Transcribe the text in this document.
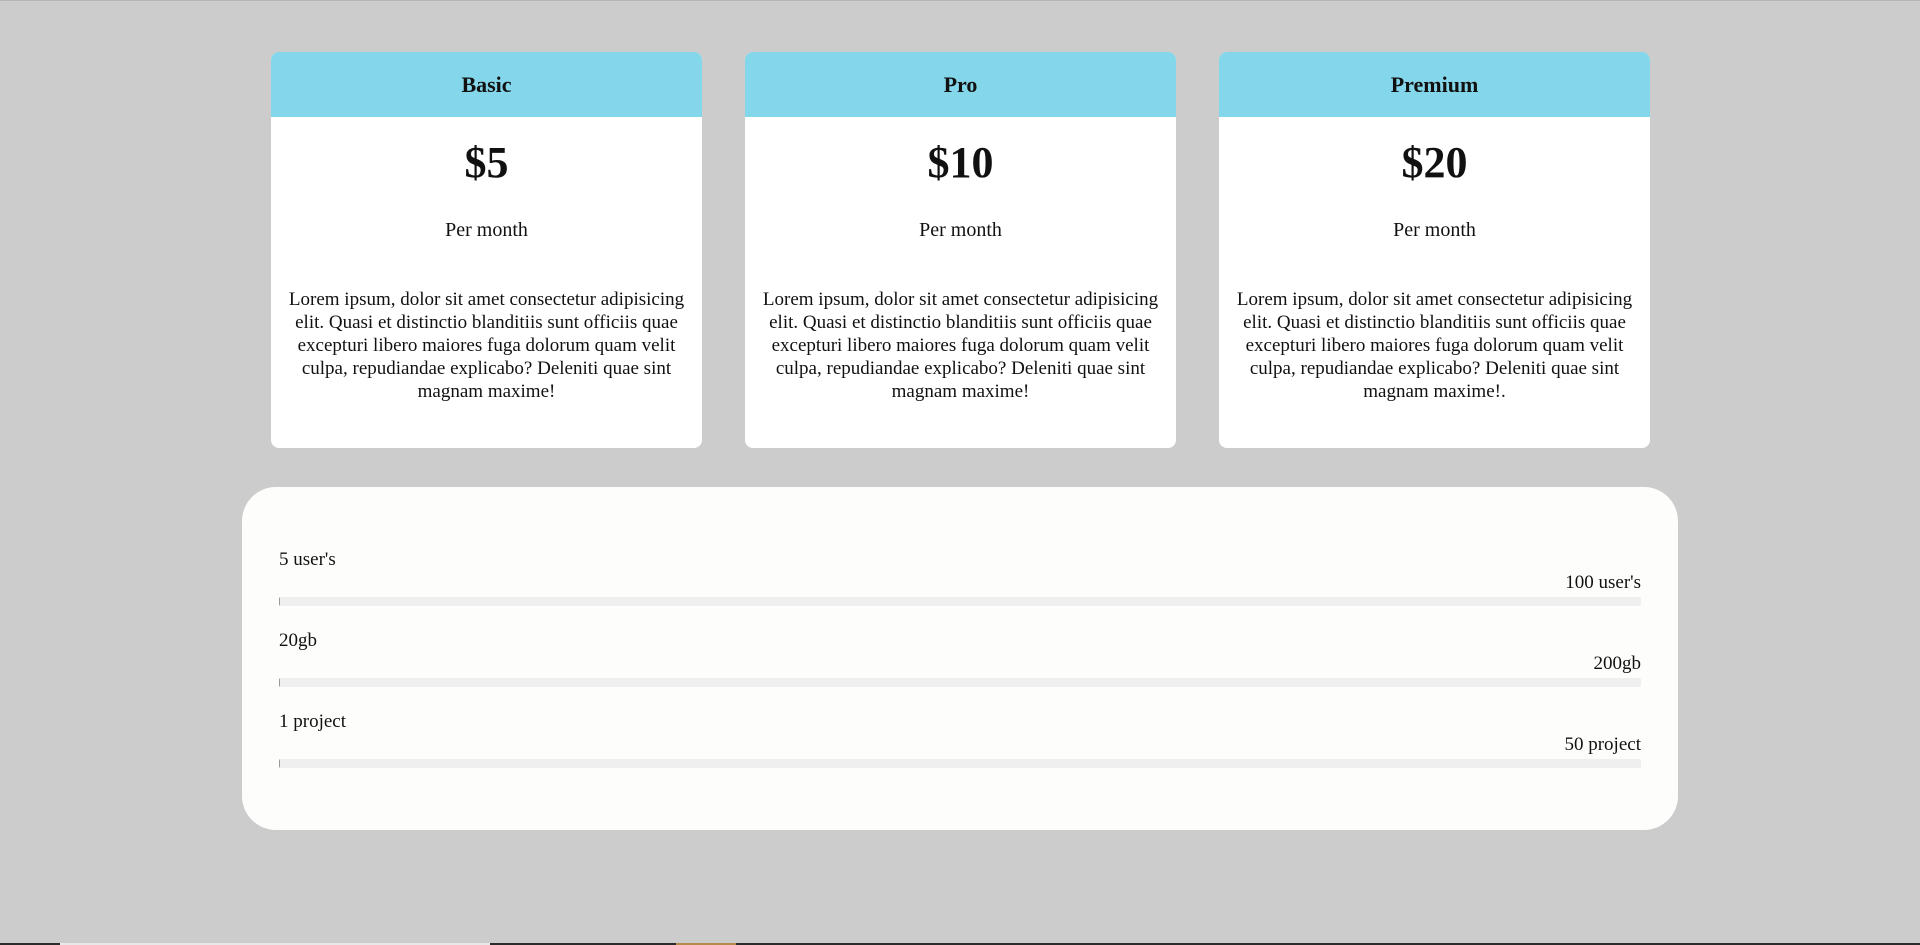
Basic
$5
Per month
Lorem ipsum, dolor sit amet consectetur adipisicing elit. Quasi et distinctio blanditiis sunt officiis quae excepturi libero maiores fuga dolorum quam velit culpa, repudiandae explicabo? Deleniti quae sint magnam maxime!
Pro
$10
Per month
Lorem ipsum, dolor sit amet consectetur adipisicing elit. Quasi et distinctio blanditiis sunt officiis quae excepturi libero maiores fuga dolorum quam velit culpa, repudiandae explicabo? Deleniti quae sint magnam maxime!
Premium
$20
Per month
Lorem ipsum, dolor sit amet consectetur adipisicing elit. Quasi et distinctio blanditiis sunt officiis quae excepturi libero maiores fuga dolorum quam velit culpa, repudiandae explicabo? Deleniti quae sint magnam maxime!.
5 user's
100 user's
20gb
200gb
1 project
50 project
